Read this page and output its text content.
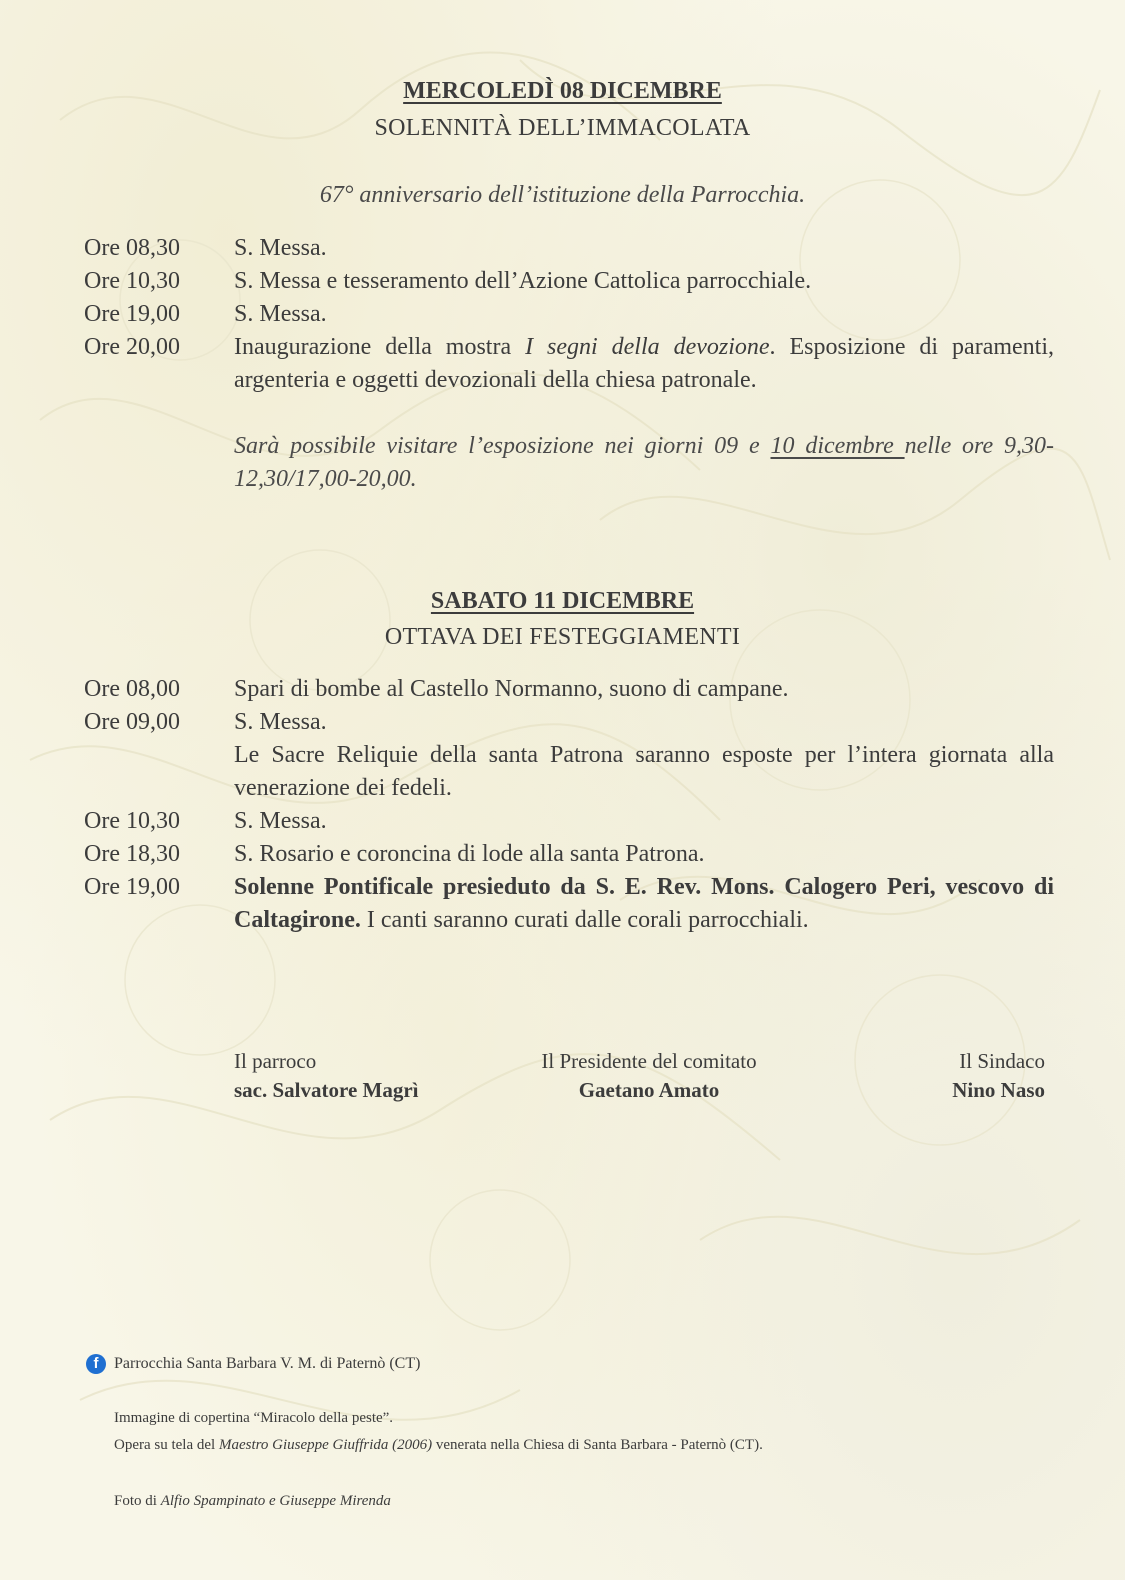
MERCOLEDÌ 08 DICEMBRE
SOLENNITÀ DELL’IMMACOLATA
67° anniversario dell’istituzione della Parrocchia.
Ore 08,30	S. Messa.
Ore 10,30	S. Messa e tesseramento dell’Azione Cattolica parrocchiale.
Ore 19,00	S. Messa.
Ore 20,00	Inaugurazione della mostra I segni della devozione. Esposizione di paramenti, argenteria e oggetti devozionali della chiesa patronale.
Sarà possibile visitare l’esposizione nei giorni 09 e 10 dicembre nelle ore 9,30-12,30/17,00-20,00.
SABATO 11 DICEMBRE
OTTAVA DEI FESTEGGIAMENTI
Ore 08,00	Spari di bombe al Castello Normanno, suono di campane.
Ore 09,00	S. Messa.
Le Sacre Reliquie della santa Patrona saranno esposte per l’intera giornata alla venerazione dei fedeli.
Ore 10,30	S. Messa.
Ore 18,30	S. Rosario e coroncina di lode alla santa Patrona.
Ore 19,00	Solenne Pontificale presieduto da S. E. Rev. Mons. Calogero Peri, vescovo di Caltagirone. I canti saranno curati dalle corali parrocchiali.
Il parroco
sac. Salvatore Magrì
Il Presidente del comitato
Gaetano Amato
Il Sindaco
Nino Naso
f Parrocchia Santa Barbara V. M. di Paternò (CT)
Immagine di copertina “Miracolo della peste”.
Opera su tela del Maestro Giuseppe Giuffrida (2006) venerata nella Chiesa di Santa Barbara - Paternò (CT).
Foto di Alfio Spampinato e Giuseppe Mirenda
